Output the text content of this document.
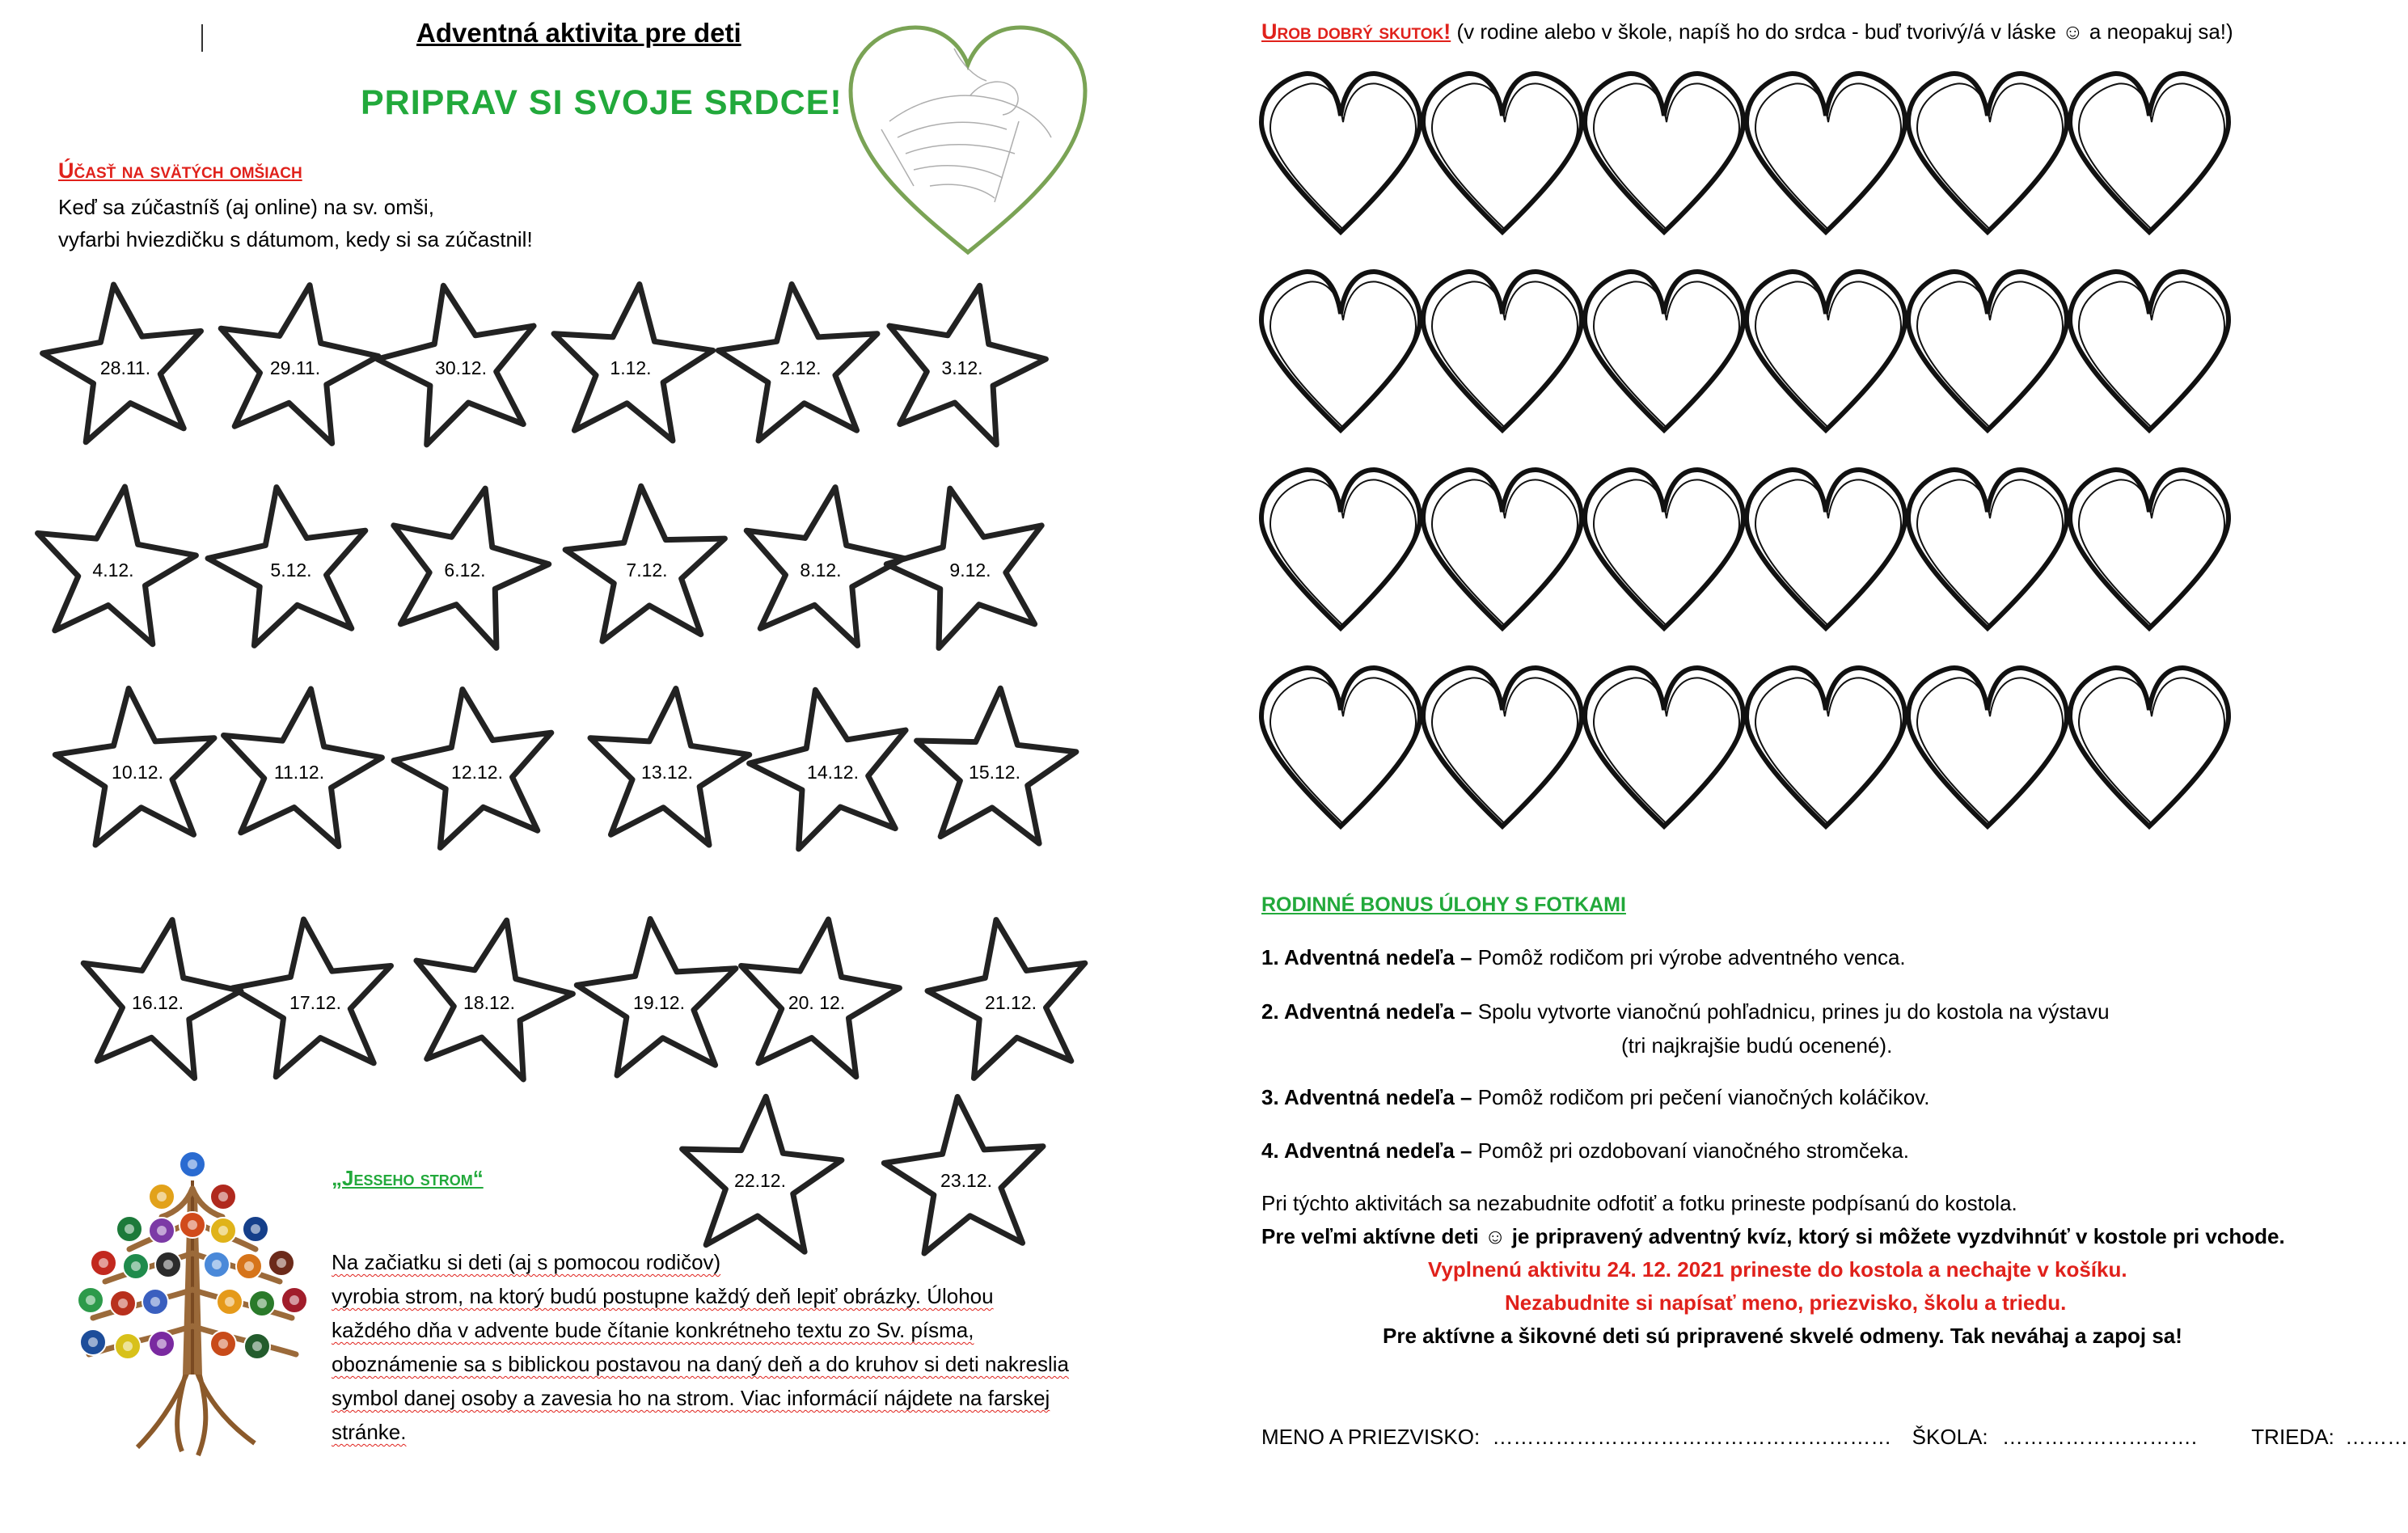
Adventná aktivita pre deti
PRIPRAV SI SVOJE SRDCE!
Účasť na svätých omšiach
Keď sa zúčastníš (aj online) na sv. omši,
vyfarbi hviezdičku s dátumom, kedy si sa zúčastnil!
28.11.	29.11.	30.12.	1.12.	2.12.	3.12.
4.12.	5.12.	6.12.	7.12.	8.12.	9.12.
10.12.	11.12.	12.12.	13.12.	14.12.	15.12.
16.12.	17.12.	18.12.	19.12.	20. 12.	21.12.
22.12.	23.12.
„Jesseho strom“
Na začiatku si deti (aj s pomocou rodičov)
vyrobia strom, na ktorý budú postupne každý deň lepiť obrázky. Úlohou
každého dňa v advente bude čítanie konkrétneho textu zo Sv. písma,
oboznámenie sa s biblickou postavou na daný deň a do kruhov si deti nakreslia
symbol danej osoby a zavesia ho na strom. Viac informácií nájdete na farskej
stránke.
Urob dobrý skutok! (v rodine alebo v škole, napíš ho do srdca - buď tvorivý/á v láske ☺ a neopakuj sa!)
RODINNÉ BONUS ÚLOHY S FOTKAMI
1. Adventná nedeľa – Pomôž rodičom pri výrobe adventného venca.
2. Adventná nedeľa – Spolu vytvorte vianočnú pohľadnicu, prines ju do kostola na výstavu
(tri najkrajšie budú ocenené).
3. Adventná nedeľa – Pomôž rodičom pri pečení vianočných koláčikov.
4. Adventná nedeľa – Pomôž pri ozdobovaní vianočného stromčeka.
Pri týchto aktivitách sa nezabudnite odfotiť a fotku prineste podpísanú do kostola.
Pre veľmi aktívne deti ☺ je pripravený adventný kvíz, ktorý si môžete vyzdvihnúť v kostole pri vchode.
Vyplnenú aktivitu 24. 12. 2021 prineste do kostola a nechajte v košíku.
Nezabudnite si napísať meno, priezvisko, školu a triedu.
Pre aktívne a šikovné deti sú pripravené skvelé odmeny. Tak neváhaj a zapoj sa!
MENO A PRIEZVISKO: ………………………………………………… ŠKOLA: ……………………….	TRIEDA: ………
